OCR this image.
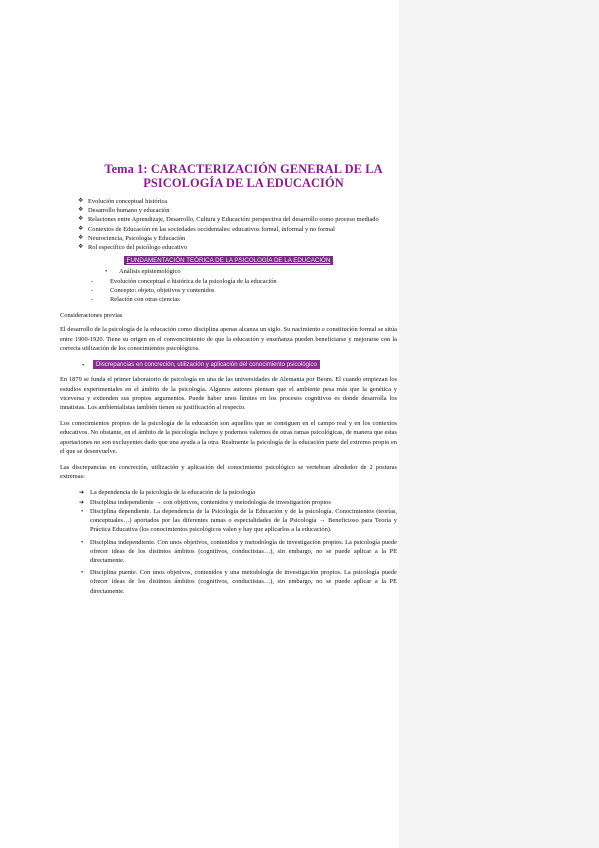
Tema 1: CARACTERIZACIÓN GENERAL DE LA
PSICOLOGÍA DE LA EDUCACIÓN
❖ Evolución conceptual histórica
❖ Desarrollo humano y educación
❖ Relaciones entre Aprendizaje, Desarrollo, Cultura y Educación: perspectiva del desarrollo como proceso mediado
❖ Contextos de Educación en las sociedades occidentales: educativos formal, informal y no formal
❖ Neurociencia, Psicología y Educación
❖ Rol específico del psicólogo educativo
FUNDAMENTACIÓN TEÓRICA DE LA PSICOLOGÍA DE LA EDUCACIÓN
• Análisis epistemológico
-	Evolución conceptual e histórica de la psicología de la educación
-	Concepto: objeto, objetivos y contenidos
-	Relación con otras ciencias

Consideraciones previas

El desarrollo de la psicología de la educación como disciplina apenas alcanza un siglo. Su nacimiento e constitución formal se sitúa entre 1900-1920. Tiene su origen en el convencimiento de que la educación y enseñanza pueden beneficiarse y mejorarse con la correcta utilización de los conocimientos psicológicos.

• Discrepancias en concreción, utilización y aplicación del conocimiento psicológico

En 1879 se funda el primer laboratorio de psicología en una de las universidades de Alemania por Beom. El cuando empiezan los estudios experimentales en el ámbito de la psicología. Algunos autores piensan que el ambiente pesa más que la genética y viceversa y extienden sus propios argumentos. Puede haber unos límites en los procesos cognitivos es donde desarrolla los innatistas. Los ambientalistas también tienen su justificación al respecto.

Los conocimientos propios de la psicología de la educación son aquellos que se consiguen en el campo real y en los contextos educativos. No obstante, en el ámbito de la psicología incluye y podemos valernos de otras ramas psicológicas, de manera que estas aportaciones no son excluyentes dado que una ayuda a la otra. Realmente la psicología de la educación parte del extremo propio en el que se desenvuelve.

Las discrepancias en concreción, utilización y aplicación del conocimiento psicológico se vertebran alrededor de 2 posturas extremas:

➔ La dependencia de la psicología de la educación de la psicología
➔ Disciplina independiente → con objetivos, contenidos y metodología de investigación propios
• Disciplina dependiente. La dependencia de la Psicología de la Educación y de la psicología. Conocimientos (teorías, conceptuales…) aportados por las diferentes ramas o especialidades de la Psicología → Beneficioso para Teoría y Práctica Educativa (los conocimientos psicológicos valen y hay que aplicarlos a la educación).
• Disciplina independiente. Con unos objetivos, contenidos y metodología de investigación propios. La psicología puede ofrecer ideas de los distintos ámbitos (cognitivos, conductistas…), sin embargo, no se puede aplicar a la PE directamente.
• Disciplina puente. Con unos objetivos, contenidos y una metodología de investigación propios. La psicología puede ofrecer ideas de los distintos ámbitos (cognitivos, conductistas…), sin embargo, no se puede aplicar a la PE directamente.
